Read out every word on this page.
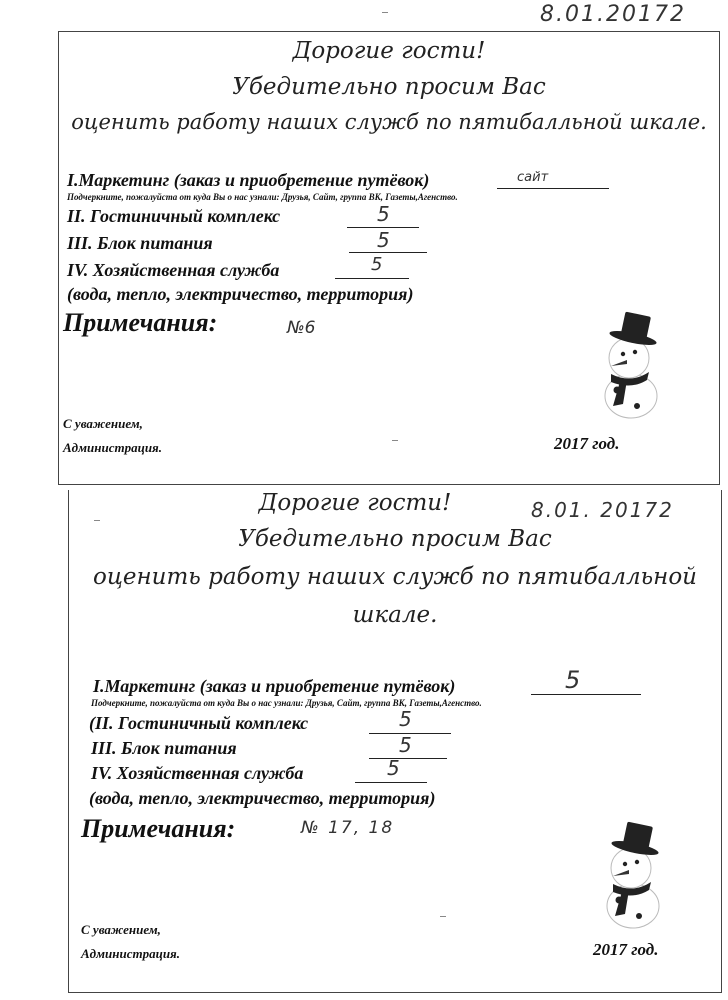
8.01.20172
Дорогие гости!
Убедительно просим Вас
оценить работу наших служб по пятибалльной шкале.
I.Маркетинг (заказ и приобретение путёвок)	сайт
Подчеркните, пожалуйста от куда Вы о нас узнали: Друзья, Сайт, группа ВК, Газеты,Агенство.
II. Гостиничный комплекс	5
III. Блок питания	5
IV. Хозяйственная служба	5
(вода, тепло, электричество, территория)
Примечания:	№6
С уважением,
Администрация.	2017 год.
Дорогие гости!	8.01. 20172
Убедительно просим Вас
оценить работу наших служб по пятибалльной
шкале.
I.Маркетинг (заказ и приобретение путёвок)	5
Подчеркните, пожалуйста от куда Вы о нас узнали: Друзья, Сайт, группа ВК, Газеты,Агенство.
(II. Гостиничный комплекс	5
III. Блок питания	5
IV. Хозяйственная служба	5
(вода, тепло, электричество, территория)
Примечания:	№ 17, 18
С уважением,
Администрация.	2017 год.
